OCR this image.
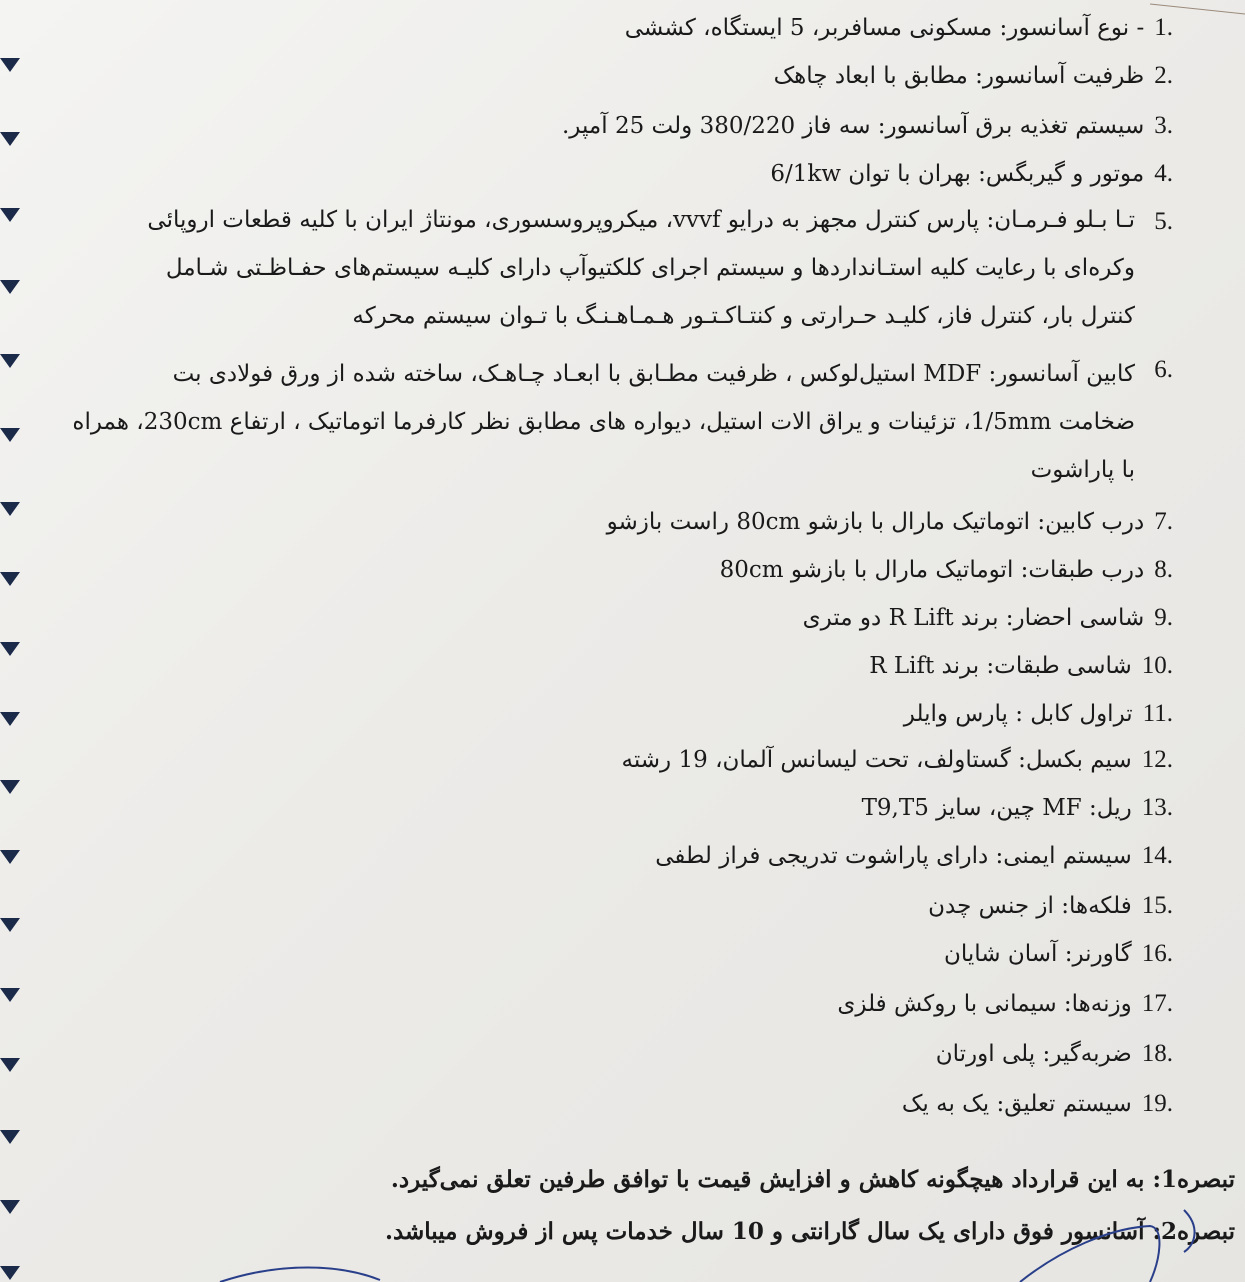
1.- نوع آسانسور: مسکونی مسافربر، 5 ایستگاه، کششی
2.ظرفیت آسانسور: مطابق با ابعاد چاهک
3.سیستم تغذیه برق آسانسور: سه فاز 380/220 ولت 25 آمپر.
4.موتور و گیربگس: بهران با توان 6/1kw
5.
تـا بـلو فـرمـان: پارس کنترل مجهز به درایو vvvf، میکروپروسسوری، مونتاژ ایران با کلیه قطعات اروپائی
وکره‌ای با رعایت کلیه استـانداردها و سیستم اجرای کلکتیوآپ دارای کلیـه سیستم‌های حفـاظـتی شـامل
کنترل بار، کنترل فاز، کلیـد حـرارتی و کنتـاکـتـور هـمـاهـنـگ با تـوان سیستم محرکه
6.
کابین آسانسور: MDF استیل‌لوکس ، ظرفیت مطـابق با ابعـاد چـاهـک، ساخته شده از ورق فولادی بت
ضخامت 1/5mm، تزئینات و یراق الات استیل، دیواره های مطابق نظر کارفرما اتوماتیک ، ارتفاع 230cm، همراه
با پاراشوت
7.درب کابین: اتوماتیک مارال با بازشو 80cm راست بازشو
8.درب طبقات: اتوماتیک مارال با بازشو 80cm
9.شاسی احضار: برند R Lift دو متری
10.شاسی طبقات: برند R Lift
11.تراول کابل : پارس وایلر
12.سیم بکسل: گستاولف، تحت لیسانس آلمان، 19 رشته
13.ریل: MF چین، سایز T9,T5
14.سیستم ایمنی: دارای پاراشوت تدریجی فراز لطفی
15.فلکه‌ها: از جنس چدن
16.گاورنر: آسان شایان
17.وزنه‌ها: سیمانی با روکش فلزی
18.ضربه‌گیر: پلی اورتان
19.سیستم تعلیق: یک به یک
تبصره1: به این قرارداد هیچگونه کاهش و افزایش قیمت با توافق طرفین تعلق نمی‌گیرد.
تبصره2: آسانسور فوق دارای یک سال گارانتی و 10 سال خدمات پس از فروش میباشد.
